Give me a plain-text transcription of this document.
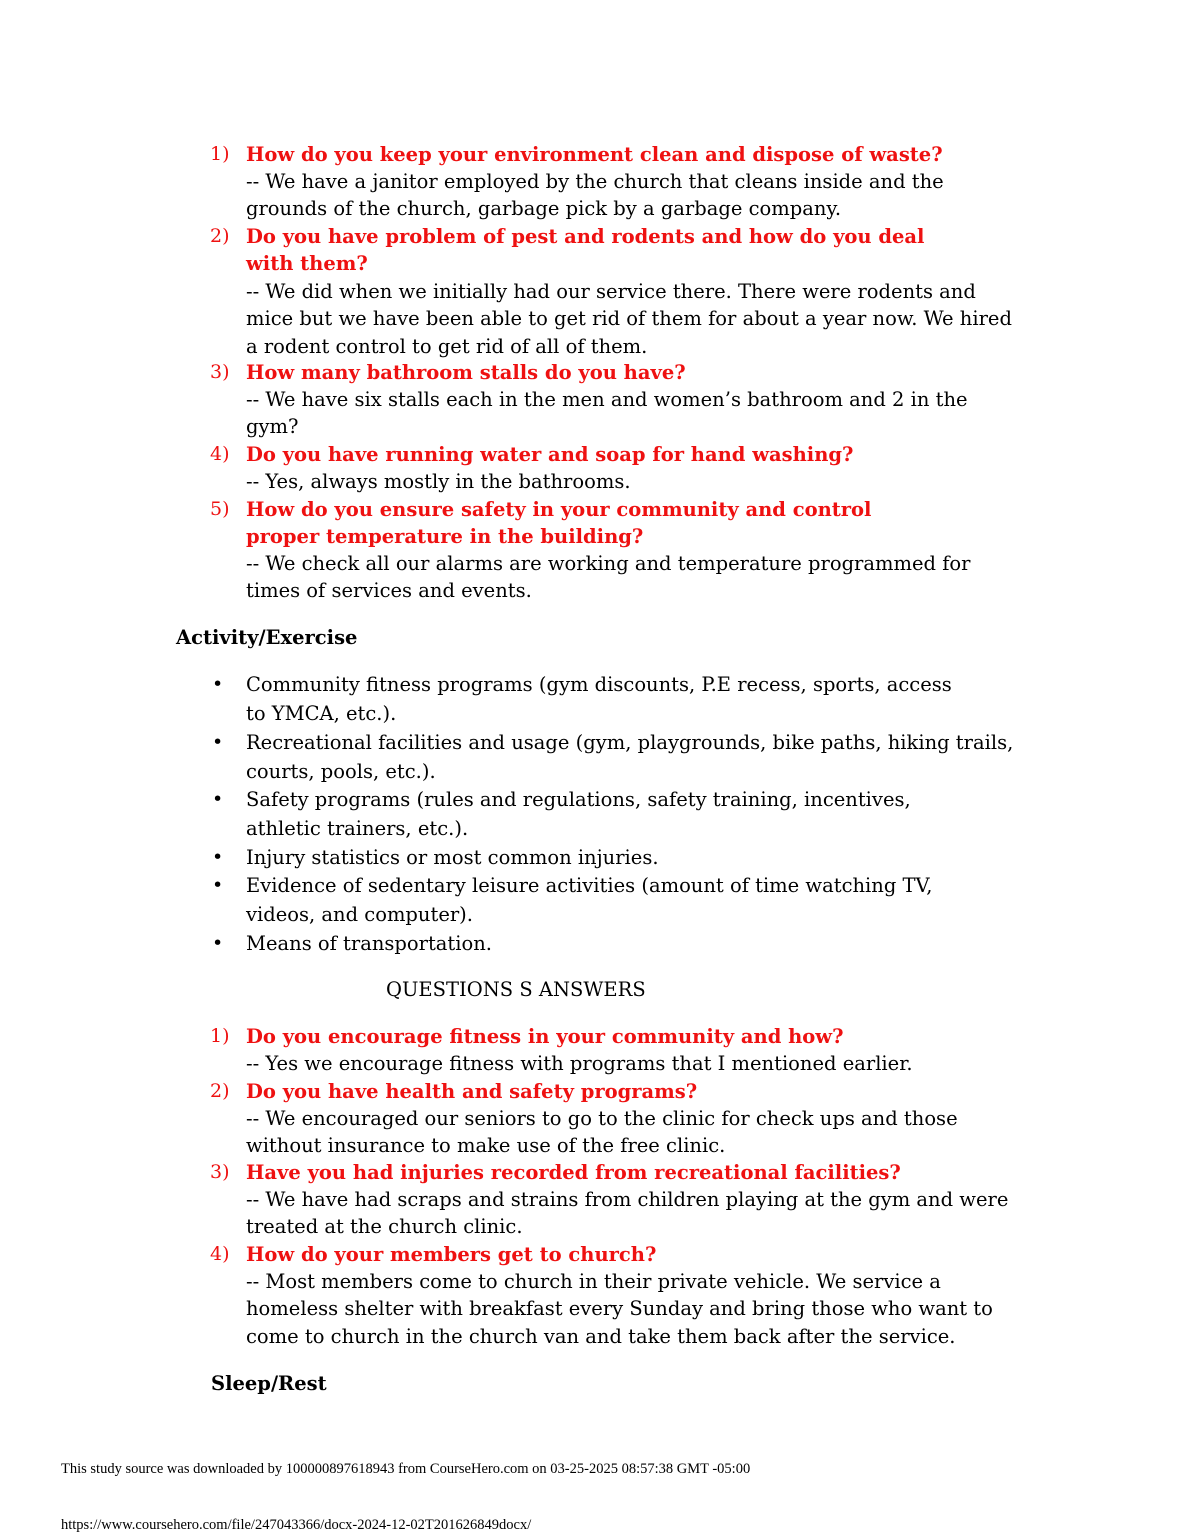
1) How do you keep your environment clean and dispose of waste?
-- We have a janitor employed by the church that cleans inside and the grounds of the church, garbage pick by a garbage company.
2) Do you have problem of pest and rodents and how do you deal with them?
-- We did when we initially had our service there. There were rodents and mice but we have been able to get rid of them for about a year now. We hired a rodent control to get rid of all of them.
3) How many bathroom stalls do you have?
-- We have six stalls each in the men and women’s bathroom and 2 in the gym?
4) Do you have running water and soap for hand washing?
-- Yes, always mostly in the bathrooms.
5) How do you ensure safety in your community and control proper temperature in the building?
-- We check all our alarms are working and temperature programmed for times of services and events.
Activity/Exercise
• Community fitness programs (gym discounts, P.E recess, sports, access to YMCA, etc.).
• Recreational facilities and usage (gym, playgrounds, bike paths, hiking trails, courts, pools, etc.).
• Safety programs (rules and regulations, safety training, incentives, athletic trainers, etc.).
• Injury statistics or most common injuries.
• Evidence of sedentary leisure activities (amount of time watching TV, videos, and computer).
• Means of transportation.
QUESTIONS S ANSWERS
1) Do you encourage fitness in your community and how?
-- Yes we encourage fitness with programs that I mentioned earlier.
2) Do you have health and safety programs?
-- We encouraged our seniors to go to the clinic for check ups and those without insurance to make use of the free clinic.
3) Have you had injuries recorded from recreational facilities?
-- We have had scraps and strains from children playing at the gym and were treated at the church clinic.
4) How do your members get to church?
-- Most members come to church in their private vehicle. We service a homeless shelter with breakfast every Sunday and bring those who want to come to church in the church van and take them back after the service.
Sleep/Rest
This study source was downloaded by 100000897618943 from CourseHero.com on 03-25-2025 08:57:38 GMT -05:00
https://www.coursehero.com/file/247043366/docx-2024-12-02T201626849docx/
